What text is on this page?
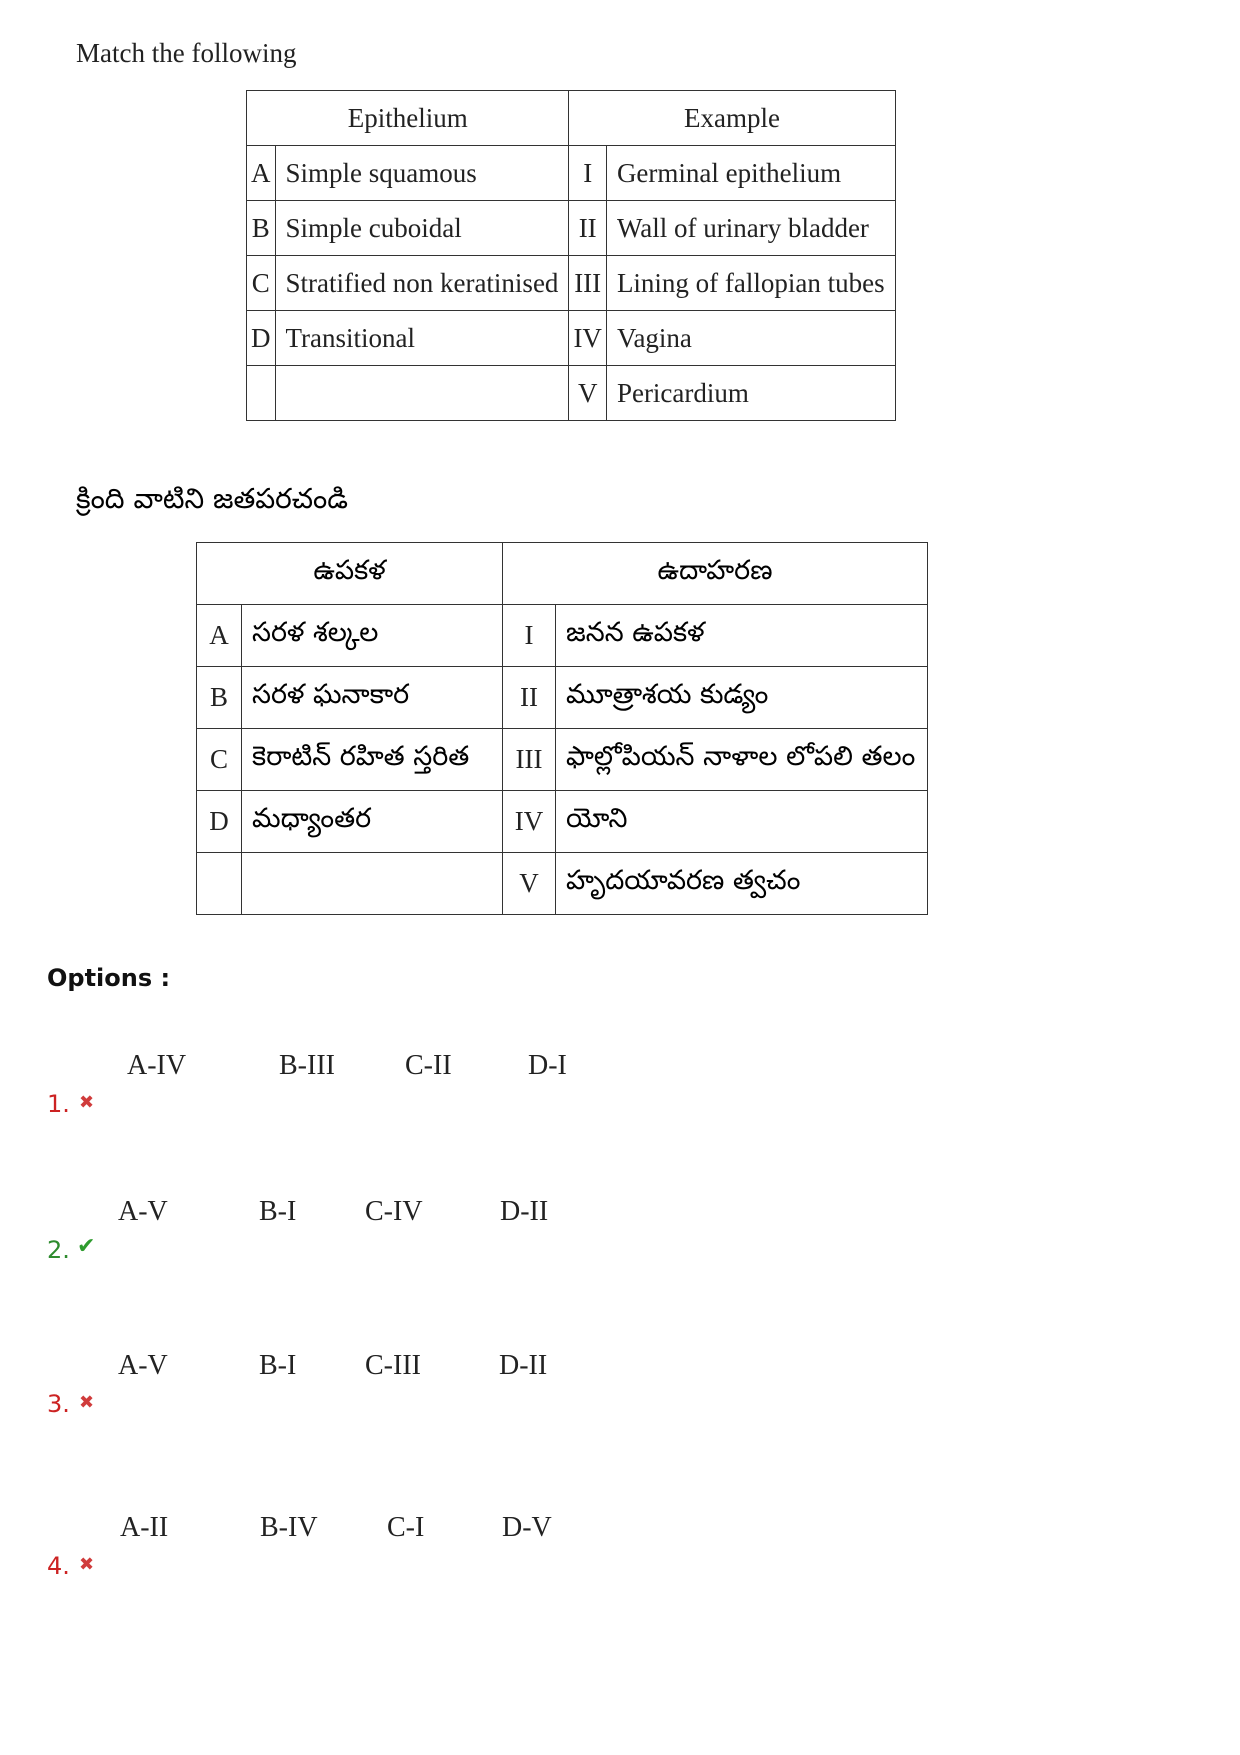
Match the following
Epithelium		Example	
A	Simple squamous	I	Germinal epithelium
B	Simple cuboidal	II	Wall of urinary bladder
C	Stratified non keratinised	III	Lining of fallopian tubes
D	Transitional	IV	Vagina
		V	Pericardium
క్రింది వాటిని జతపరచండి
ఉపకళ		ఉదాహరణ	
A	సరళ శల్కల	I	జనన ఉపకళ
B	సరళ ఘనాకార	II	మూత్రాశయ కుడ్యం
C	కెరాటిన్ రహిత స్తరిత	III	ఫాల్లోపియన్ నాళాల లోపలి తలం
D	మధ్యాంతర	IV	యోని
		V	హృదయావరణ త్వచం
Options :
1. ✖
A-IV	B-III	C-II	D-I
2. ✔
A-V	B-I C-IV	D-II
3. ✖
A-V	B-I C-III	D-II
4. ✖
A-II	B-IV C-I	D-V
